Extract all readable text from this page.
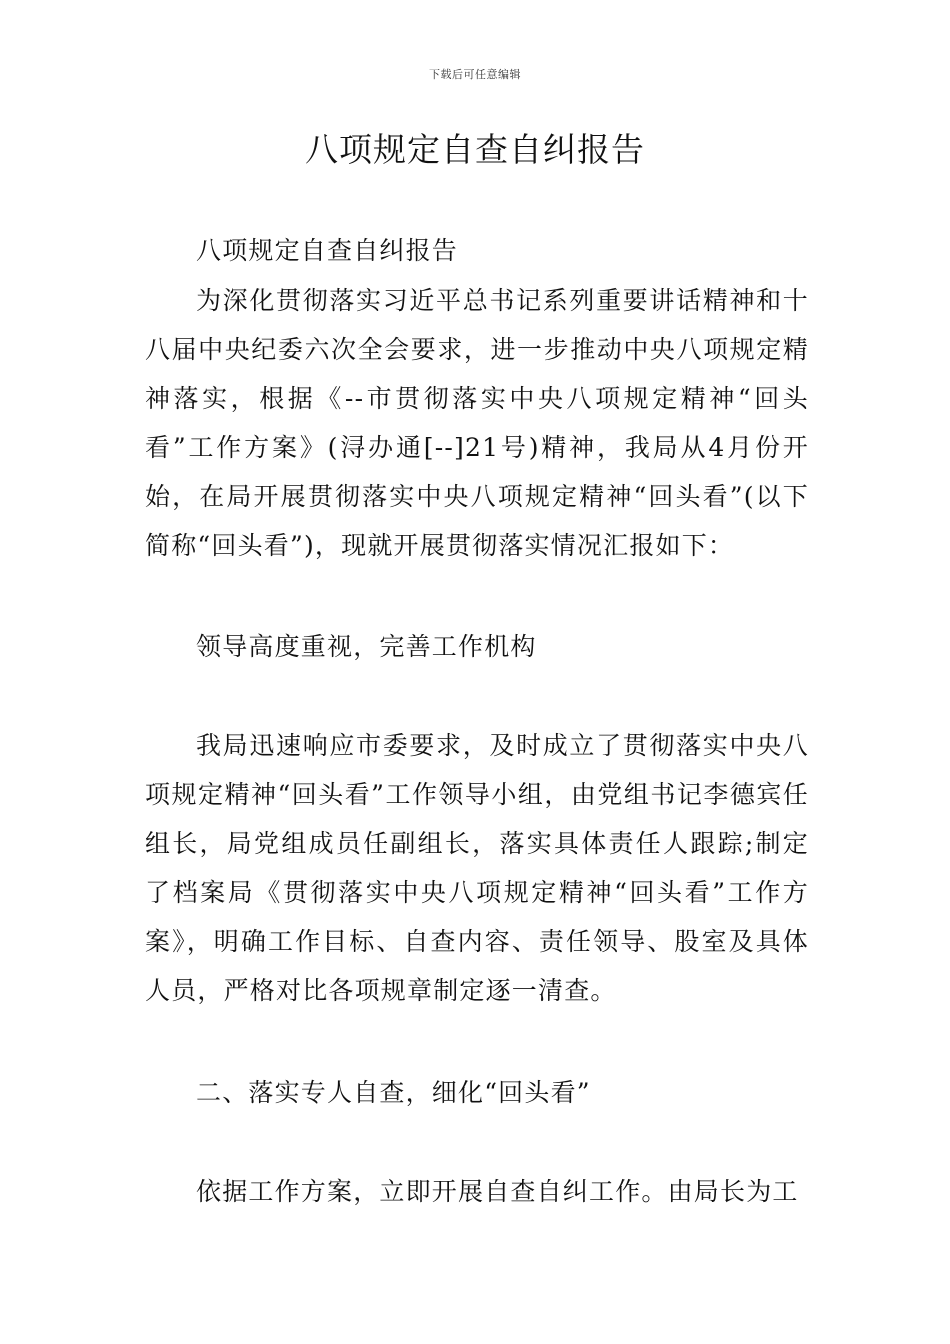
下载后可任意编辑
八项规定自查自纠报告

八项规定自查自纠报告

为深化贯彻落实习近平总书记系列重要讲话精神和十八届中央纪委六次全会要求，进一步推动中央八项规定精神落实，根据《--市贯彻落实中央八项规定精神“回头看”工作方案》(浔办通[--]21号)精神，我局从4月份开始，在局开展贯彻落实中央八项规定精神“回头看”(以下简称“回头看”)，现就开展贯彻落实情况汇报如下：

领导高度重视，完善工作机构

我局迅速响应市委要求，及时成立了贯彻落实中央八项规定精神“回头看”工作领导小组，由党组书记李德宾任组长，局党组成员任副组长，落实具体责任人跟踪;制定了档案局《贯彻落实中央八项规定精神“回头看”工作方案》，明确工作目标、自查内容、责任领导、股室及具体人员，严格对比各项规章制定逐一清查。

二、落实专人自查，细化“回头看”

依据工作方案，立即开展自查自纠工作。由局长为工
